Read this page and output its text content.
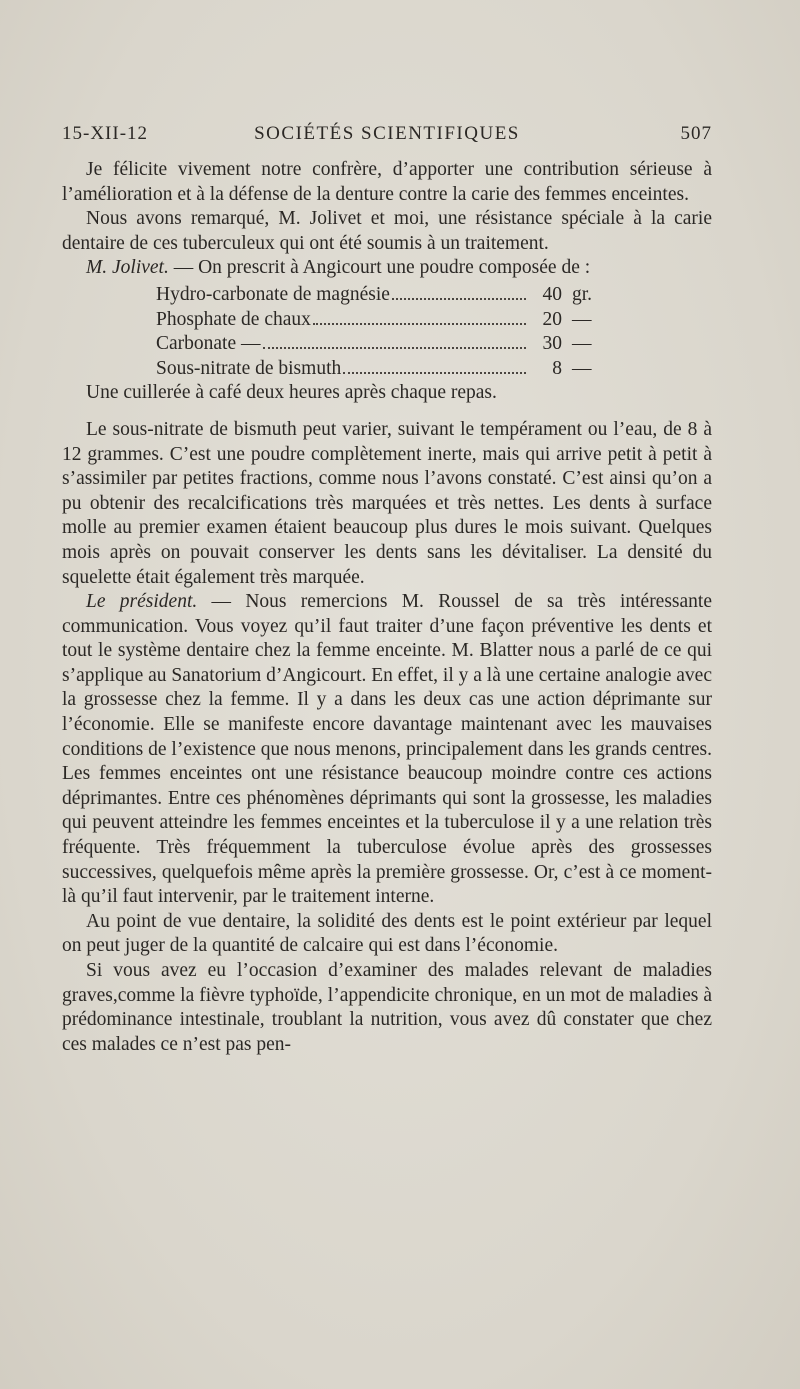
15-XII-12	SOCIÉTÉS SCIENTIFIQUES	507

Je félicite vivement notre confrère, d’apporter une contribution sérieuse à l’amélioration et à la défense de la denture contre la carie des femmes enceintes.

Nous avons remarqué, M. Jolivet et moi, une résistance spéciale à la carie dentaire de ces tuberculeux qui ont été soumis à un traitement.

M. Jolivet. — On prescrit à Angicourt une poudre composée de :

Hydro-carbonate de magnésie	40 gr.
Phosphate de chaux	20 —
Carbonate —	30 —
Sous-nitrate de bismuth	8 —

Une cuillerée à café deux heures après chaque repas.

Le sous-nitrate de bismuth peut varier, suivant le tempérament ou l’eau, de 8 à 12 grammes. C’est une poudre complètement inerte, mais qui arrive petit à petit à s’assimiler par petites fractions, comme nous l’avons constaté. C’est ainsi qu’on a pu obtenir des recalcifications très marquées et très nettes. Les dents à surface molle au premier examen étaient beaucoup plus dures le mois suivant. Quelques mois après on pouvait conserver les dents sans les dévitaliser. La densité du squelette était également très marquée.

Le président. — Nous remercions M. Roussel de sa très intéressante communication. Vous voyez qu’il faut traiter d’une façon préventive les dents et tout le système dentaire chez la femme enceinte. M. Blatter nous a parlé de ce qui s’applique au Sanatorium d’Angicourt. En effet, il y a là une certaine analogie avec la grossesse chez la femme. Il y a dans les deux cas une action déprimante sur l’économie. Elle se manifeste encore davantage maintenant avec les mauvaises conditions de l’existence que nous menons, principalement dans les grands centres. Les femmes enceintes ont une résistance beaucoup moindre contre ces actions déprimantes. Entre ces phénomènes déprimants qui sont la grossesse, les maladies qui peuvent atteindre les femmes enceintes et la tuberculose il y a une relation très fréquente. Très fréquemment la tuberculose évolue après des grossesses successives, quelquefois même après la première grossesse. Or, c’est à ce moment-là qu’il faut intervenir, par le traitement interne.

Au point de vue dentaire, la solidité des dents est le point extérieur par lequel on peut juger de la quantité de calcaire qui est dans l’économie.

Si vous avez eu l’occasion d’examiner des malades relevant de maladies graves,comme la fièvre typhoïde, l’appendicite chronique, en un mot de maladies à prédominance intestinale, troublant la nutrition, vous avez dû constater que chez ces malades ce n’est pas pen-
